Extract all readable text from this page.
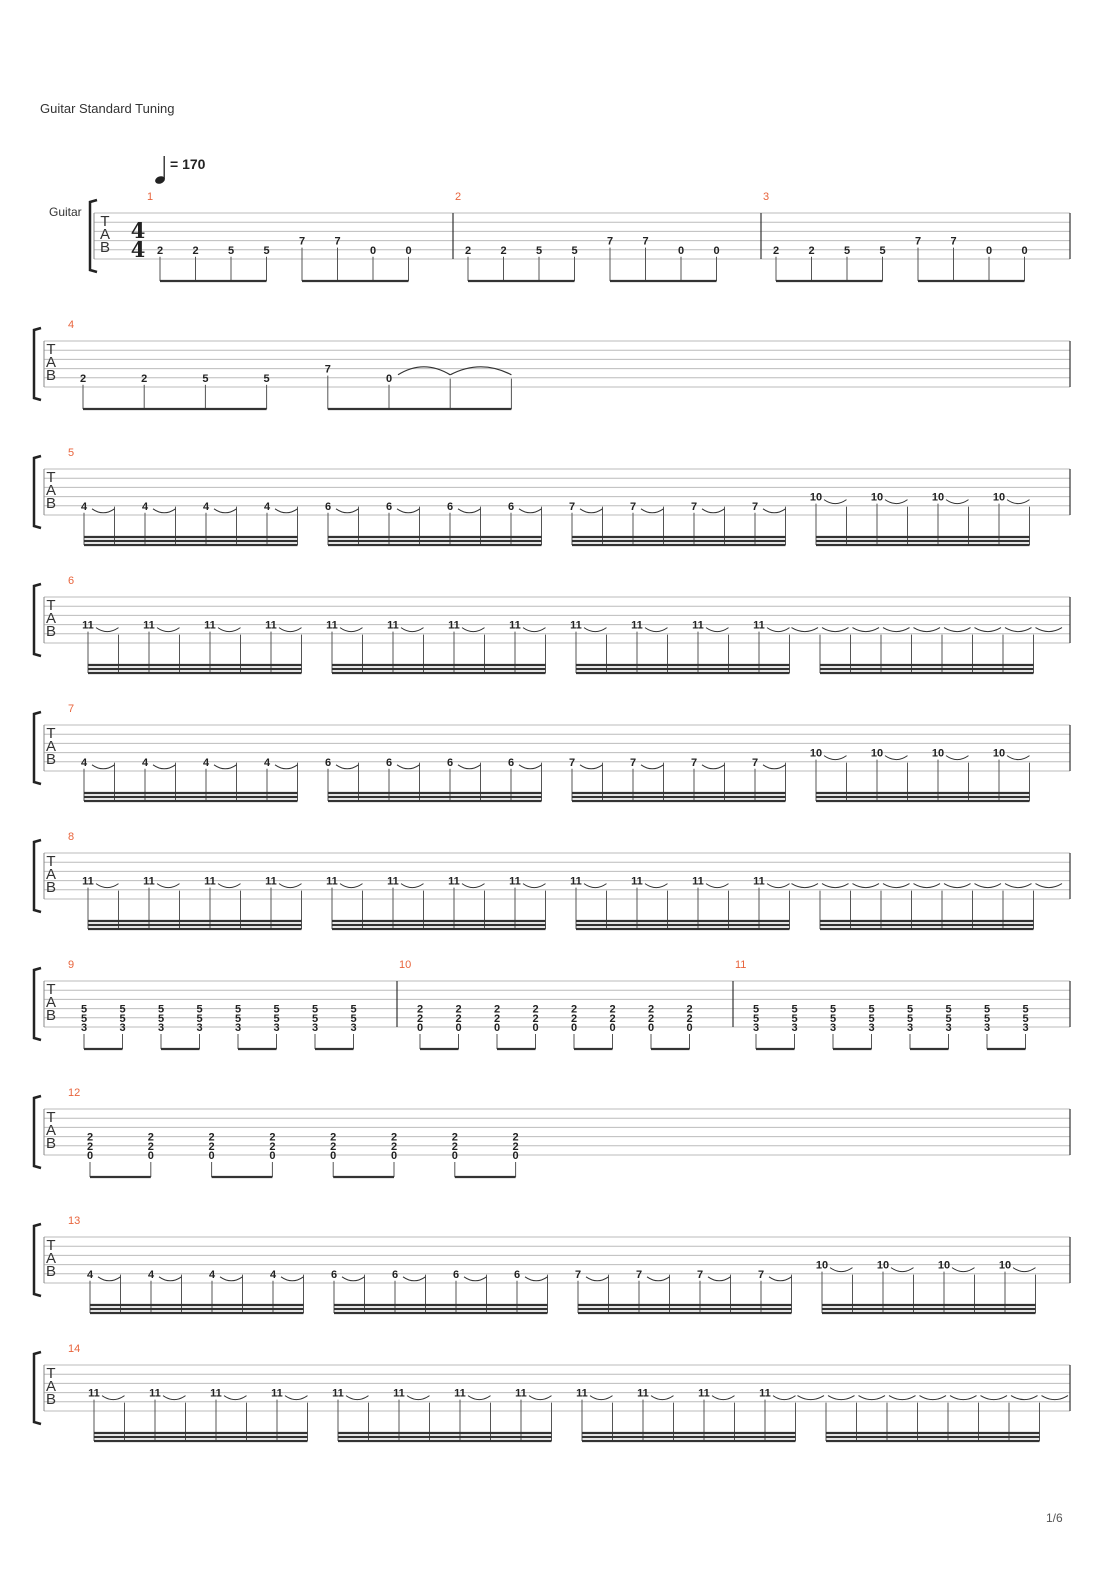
Guitar Standard Tuning
= 170
Guitar
1/6
T
A
B
4
4
1
2	2	5	5
7	7
0	0
2
2	2	5	5
7	7
0	0
3
2	2	5	5
7	7
0	0
T
A
B
4
2	2	5	5
7
0
T
A
B
5
4	4	4	4	6	6	6	6	7	7	7	7
10	10	10	10
T
A
B
6
11	11	11	11	11	11	11	11	11	11	11	11
T
A
B
7
4	4	4	4	6	6	6	6	7	7	7	7
10	10	10	10
T
A
B
8
11	11	11	11	11	11	11	11	11	11	11	11
T
A
B
9
5
5
3
5
5
3
5
5
3
5
5
3
5
5
3
5
5
3
5
5
3
5
5
3
10
2
2
0
2
2
0
2
2
0
2
2
0
2
2
0
2
2
0
2
2
0
2
2
0
11
5
5
3
5
5
3
5
5
3
5
5
3
5
5
3
5
5
3
5
5
3
5
5
3
T
A
B
12
2
2
0
2
2
0
2
2
0
2
2
0
2
2
0
2
2
0
2
2
0
2
2
0
T
A
B
13
4	4	4	4	6	6	6	6	7	7	7	7
10	10	10	10
T
A
B
14
11	11	11	11	11	11	11	11	11	11	11	11
